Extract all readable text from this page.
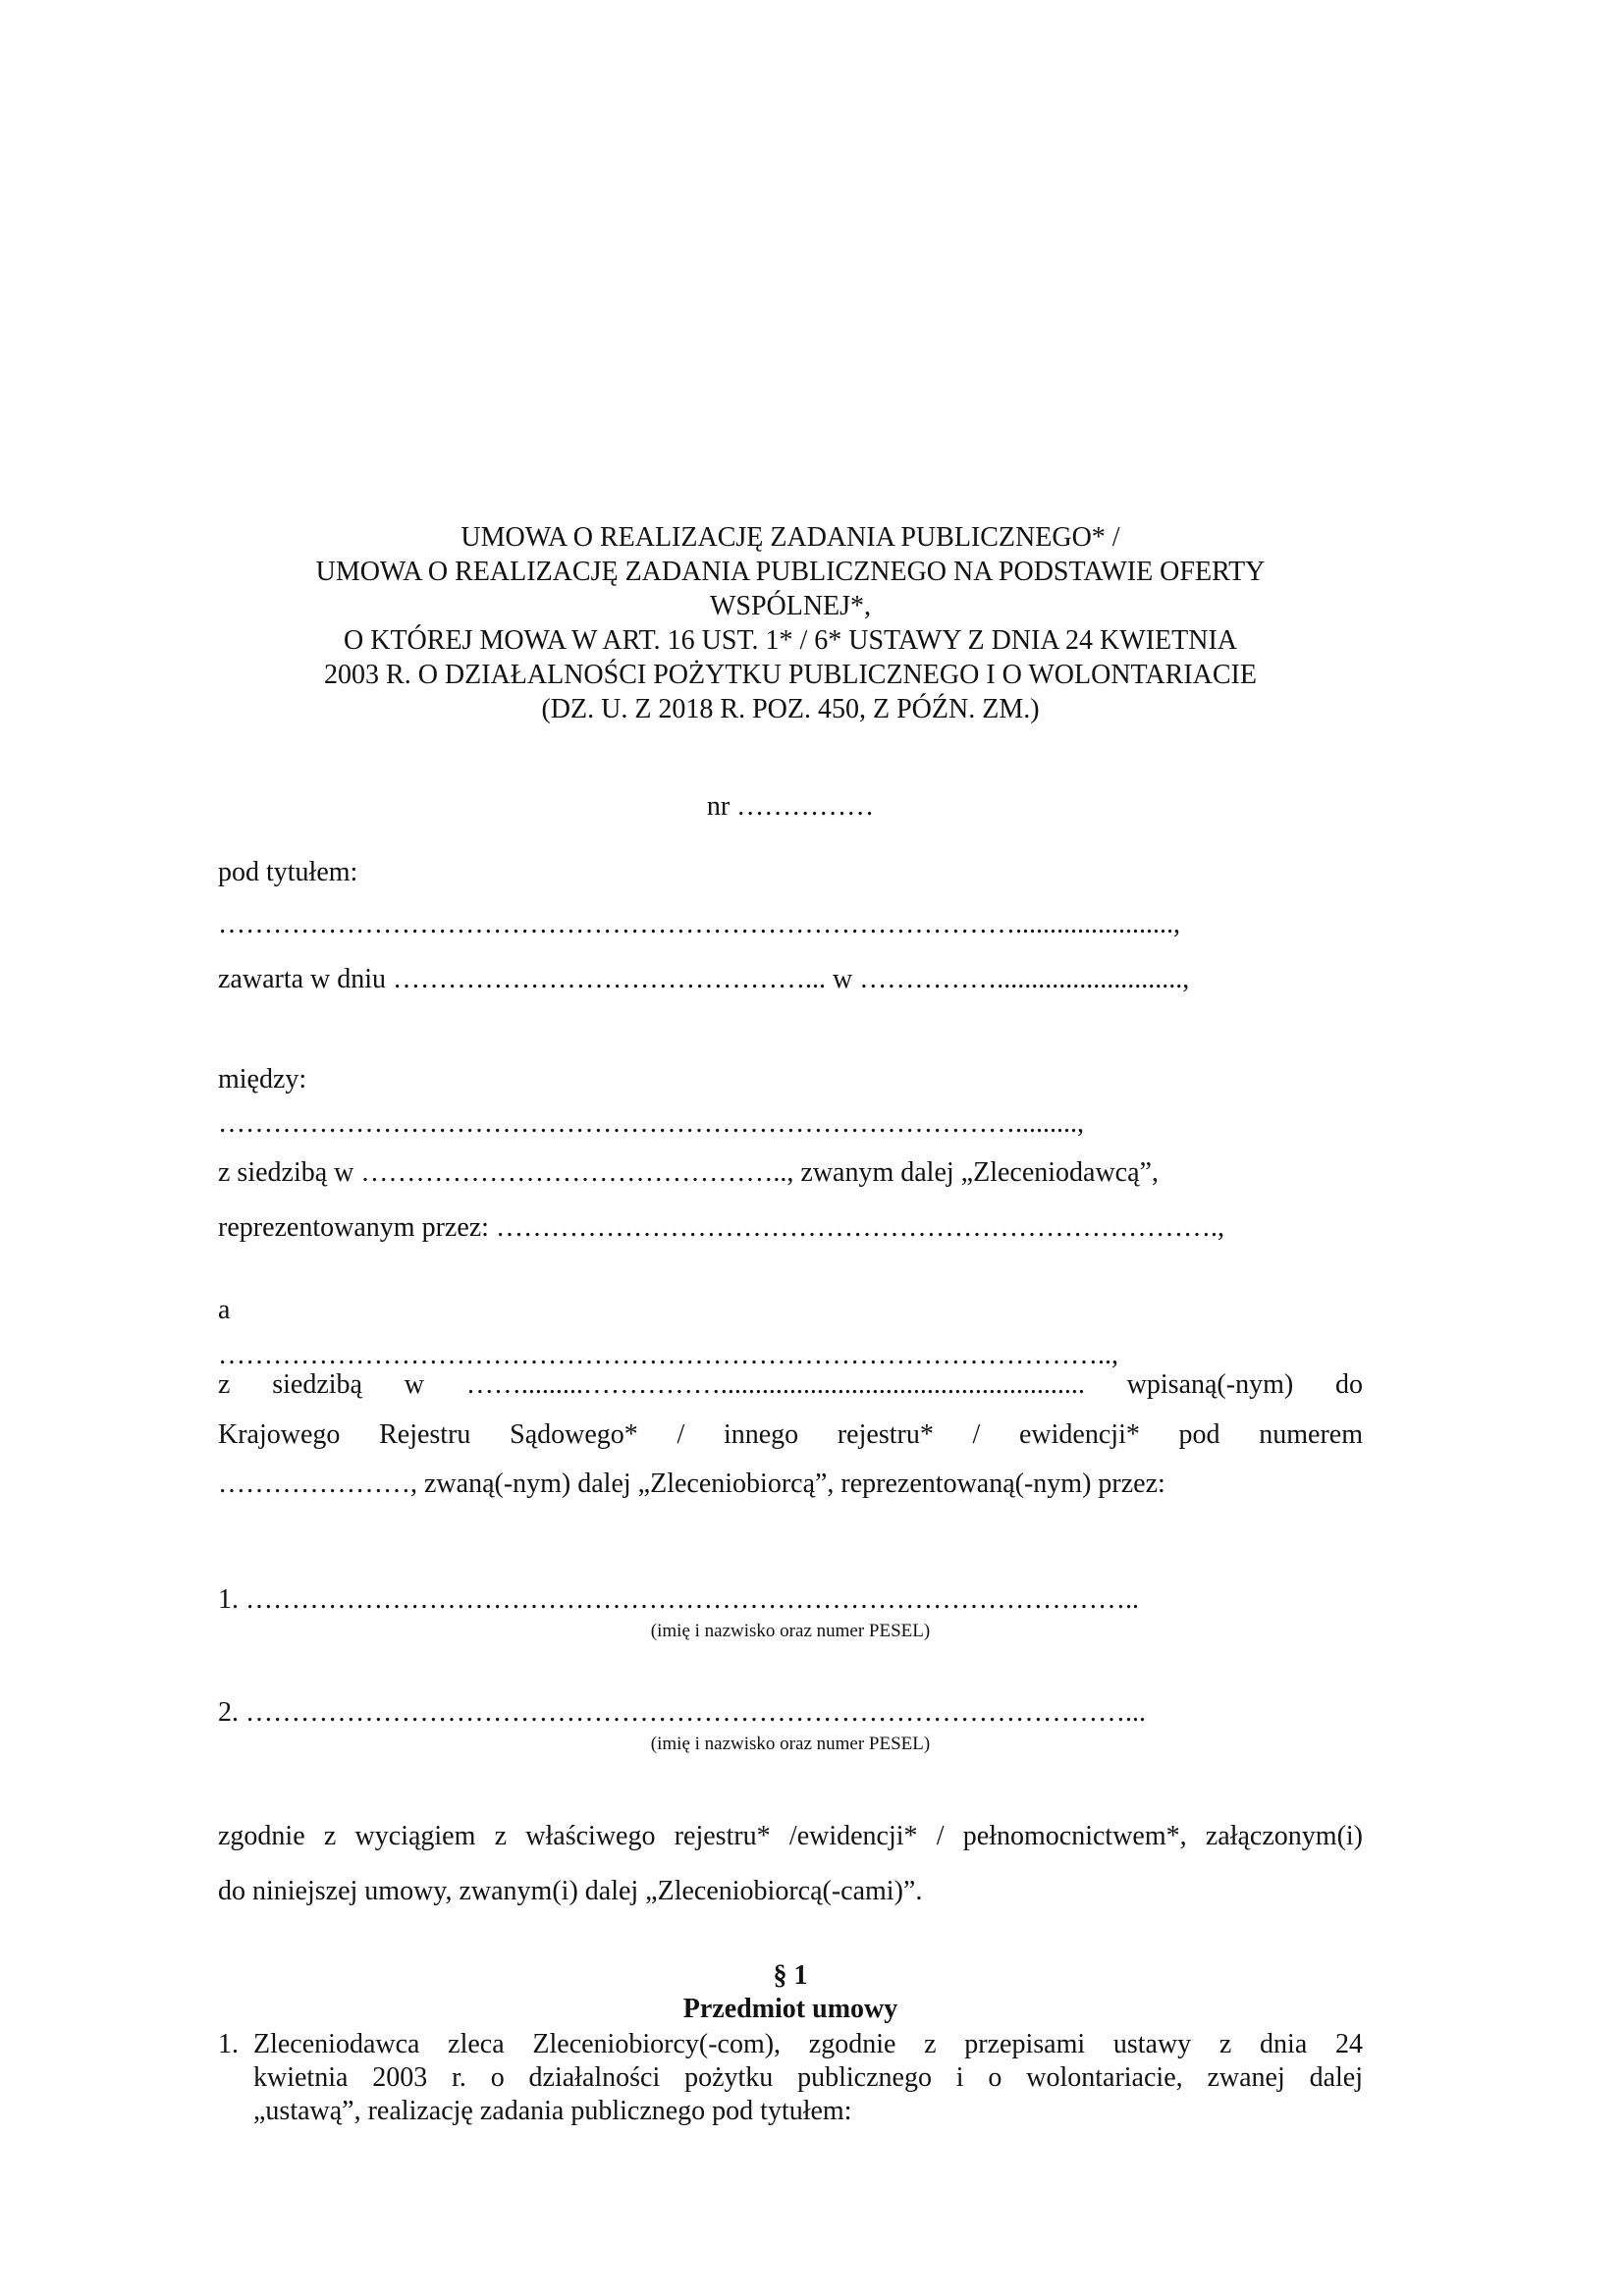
UMOWA O REALIZACJĘ ZADANIA PUBLICZNEGO* /
UMOWA O REALIZACJĘ ZADANIA PUBLICZNEGO NA PODSTAWIE OFERTY
WSPÓLNEJ*,
O KTÓREJ MOWA W ART. 16 UST. 1* / 6* USTAWY Z DNIA 24 KWIETNIA
2003 R. O DZIAŁALNOŚCI POŻYTKU PUBLICZNEGO I O WOLONTARIACIE
(DZ. U. Z 2018 R. POZ. 450, Z PÓŹN. ZM.)
nr ……………
pod tytułem:
…………………………………………………………………………….......................,
zawarta w dniu ………………………………………... w ……………...........................,
między:
…………………………………………………………………………….........,
z siedzibą w ……………………………………….., zwanym dalej „Zleceniodawcą”,
reprezentowanym przez: …………………………………………………………………….,
a
……………………………………………………………………………………..,
z siedzibą w …….........……………..................................................... wpisaną(-nym) do
Krajowego Rejestru Sądowego* / innego rejestru* / ewidencji* pod numerem
…………………, zwaną(-nym) dalej „Zleceniobiorcą”, reprezentowaną(-nym) przez:
1. ……………………………………………………………………………………..
(imię i nazwisko oraz numer PESEL)
2. ……………………………………………………………………………………...
(imię i nazwisko oraz numer PESEL)
zgodnie z wyciągiem z właściwego rejestru* /ewidencji* / pełnomocnictwem*, załączonym(i)
do niniejszej umowy, zwanym(i) dalej „Zleceniobiorcą(-cami)”.
§ 1
Przedmiot umowy
1. Zleceniodawca zleca Zleceniobiorcy(-com), zgodnie z przepisami ustawy z dnia 24
kwietnia 2003 r. o działalności pożytku publicznego i o wolontariacie, zwanej dalej
„ustawą”, realizację zadania publicznego pod tytułem:
